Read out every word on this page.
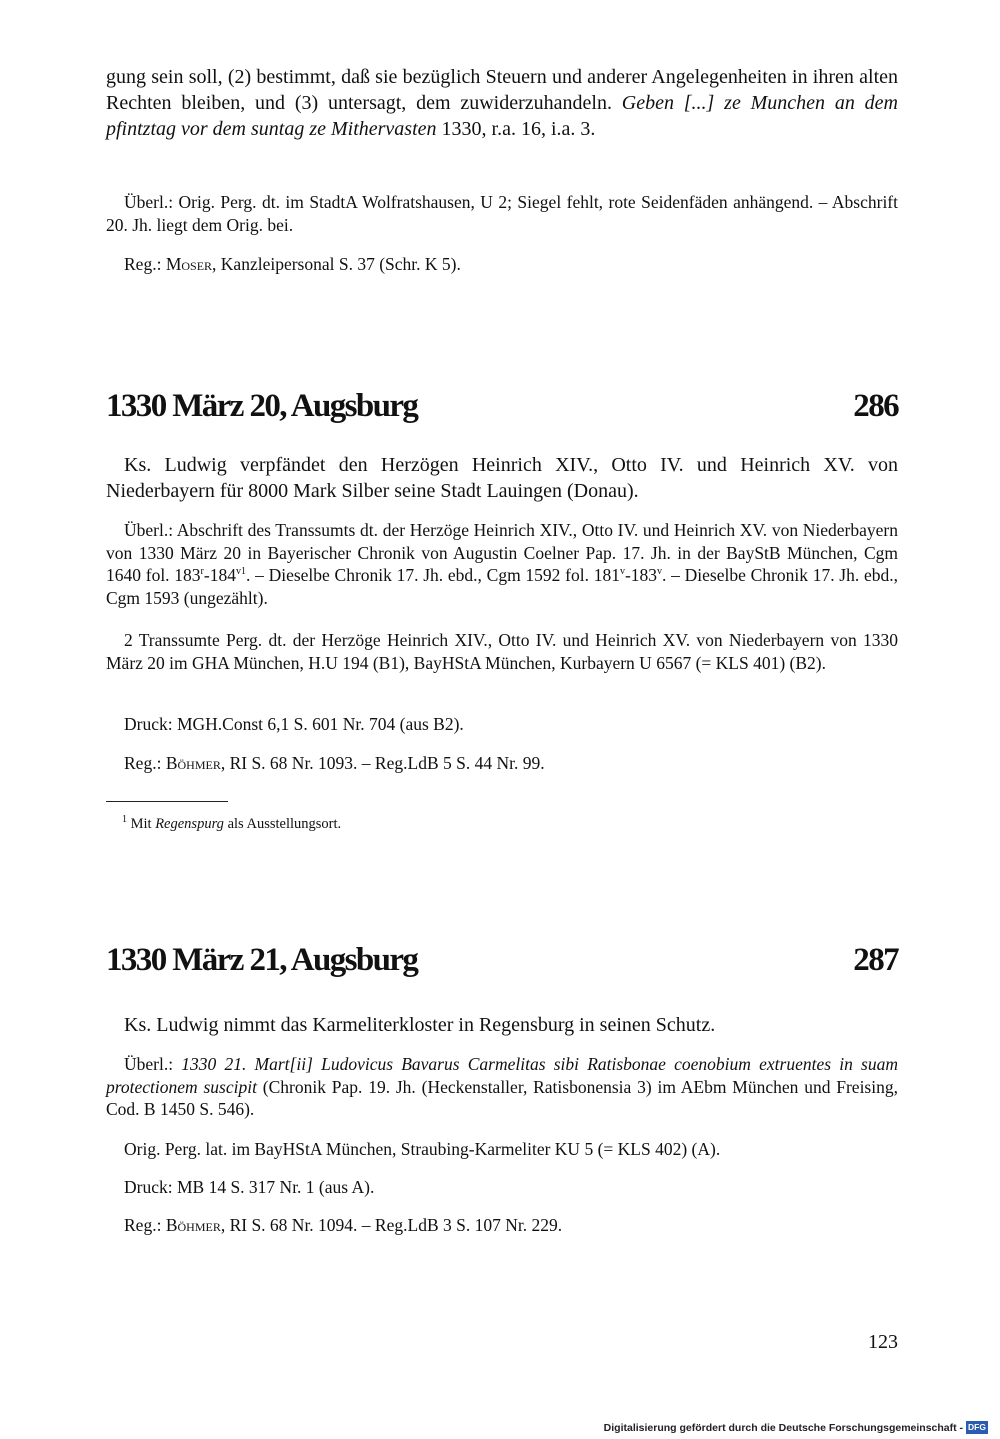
gung sein soll, (2) bestimmt, daß sie bezüglich Steuern und anderer Angelegenheiten in ihren alten Rechten bleiben, und (3) untersagt, dem zuwiderzuhandeln. Geben [...] ze Munchen an dem pfintztag vor dem suntag ze Mithervasten 1330, r.a. 16, i.a. 3.

Überl.: Orig. Perg. dt. im StadtA Wolfratshausen, U 2; Siegel fehlt, rote Seidenfäden anhängend. – Abschrift 20. Jh. liegt dem Orig. bei.

Reg.: Moser, Kanzleipersonal S. 37 (Schr. K 5).

1330 März 20, Augsburg	286

Ks. Ludwig verpfändet den Herzögen Heinrich XIV., Otto IV. und Heinrich XV. von Niederbayern für 8000 Mark Silber seine Stadt Lauingen (Donau).

Überl.: Abschrift des Transsumts dt. der Herzöge Heinrich XIV., Otto IV. und Heinrich XV. von Niederbayern von 1330 März 20 in Bayerischer Chronik von Augustin Coelner Pap. 17. Jh. in der BayStB München, Cgm 1640 fol. $183^r-184^{v1}$. – Dieselbe Chronik 17. Jh. ebd., Cgm 1592 fol. 181$^v$-183$^v$. – Dieselbe Chronik 17. Jh. ebd., Cgm 1593 (ungezählt).

2 Transsumte Perg. dt. der Herzöge Heinrich XIV., Otto IV. und Heinrich XV. von Niederbayern von 1330 März 20 im GHA München, H.U 194 (B1), BayHStA München, Kurbayern U 6567 (= KLS 401) (B2).

Druck: MGH.Const 6,1 S. 601 Nr. 704 (aus B2).

Reg.: Böhmer, RI S. 68 Nr. 1093. – Reg.LdB 5 S. 44 Nr. 99.

$^1$ Mit Regenspurg als Ausstellungsort.
1330 März 21, Augsburg	287

Ks. Ludwig nimmt das Karmeliterkloster in Regensburg in seinen Schutz.

Überl.: 1330 21. Mart[ii] Ludovicus Bavarus Carmelitas sibi Ratisbonae coenobium extruentes in suam protectionem suscipit (Chronik Pap. 19. Jh. (Heckenstaller, Ratisbonensia 3) im AEbm München und Freising, Cod. B 1450 S. 546).

Orig. Perg. lat. im BayHStA München, Straubing-Karmeliter KU 5 (= KLS 402) (A).

Druck: MB 14 S. 317 Nr. 1 (aus A).

Reg.: Böhmer, RI S. 68 Nr. 1094. – Reg.LdB 3 S. 107 Nr. 229.

123
Digitalisierung gefördert durch die Deutsche Forschungsgemeinschaft - DFG
